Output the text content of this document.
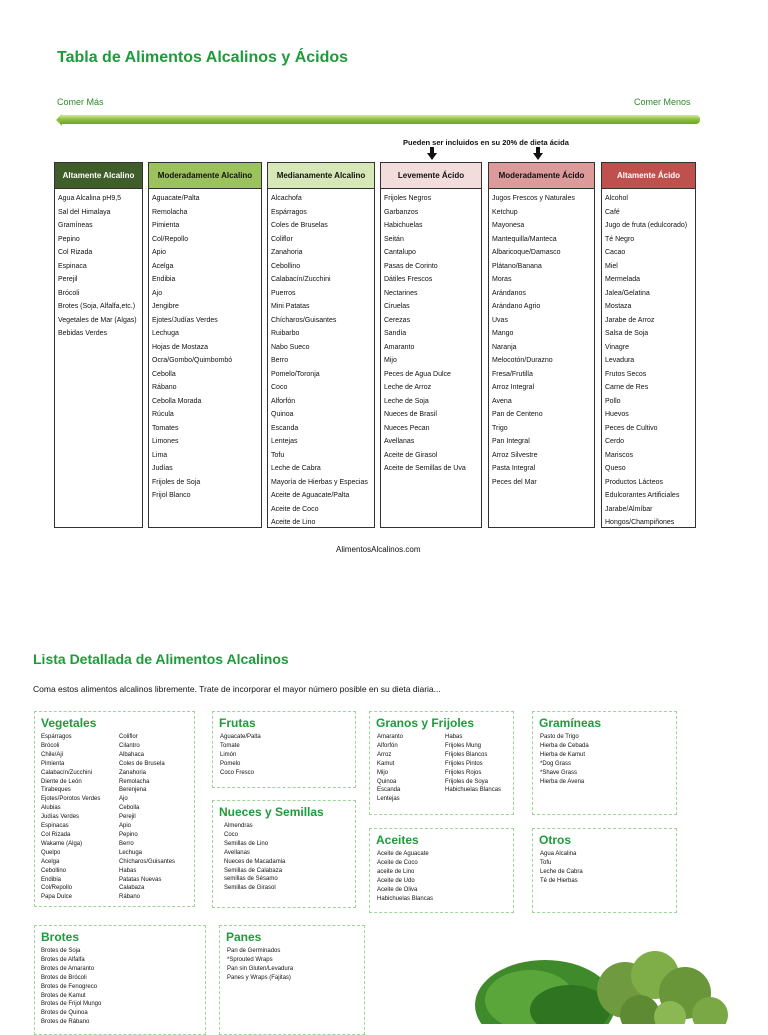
Tabla de Alimentos Alcalinos y Ácidos
Comer Más	Comer Menos
Pueden ser incluidos en su 20% de dieta ácida
Altamente Alcalino
Agua Alcalina pH9,5
Sal del Himalaya
Gramíneas
Pepino
Col Rizada
Espinaca
Perejil
Brócoli
Brotes (Soja, Alfalfa,etc.)
Vegetales de Mar (Algas)
Bebidas Verdes
Moderadamente Alcalino
Aguacate/Palta
Remolacha
Pimienta
Col/Repollo
Apio
Acelga
Endibia
Ajo
Jengibre
Ejotes/Judías Verdes
Lechuga
Hojas de Mostaza
Ocra/Gombo/Quimbombó
Cebolla
Rábano
Cebolla Morada
Rúcula
Tomates
Limones
Lima
Judías
Frijoles de Soja
Frijol Blanco
Medianamente Alcalino
Alcachofa
Espárragos
Coles de Bruselas
Coliflor
Zanahoria
Cebollino
Calabacín/Zucchini
Puerros
Mini Patatas
Chícharos/Guisantes
Ruibarbo
Nabo Sueco
Berro
Pomelo/Toronja
Coco
Alforfón
Quinoa
Escanda
Lentejas
Tofu
Leche de Cabra
Mayoría de Hierbas y Especias
Aceite de Aguacate/Palta
Aceite de Coco
Aceite de Lino
Levemente Ácido
Frijoles Negros
Garbanzos
Habichuelas
Seitán
Cantalupo
Pasas de Corinto
Dátiles Frescos
Nectarines
Ciruelas
Cerezas
Sandía
Amaranto
Mijo
Peces de Agua Dulce
Leche de Arroz
Leche de Soja
Nueces de Brasil
Nueces Pecan
Avellanas
Aceite de Girasol
Aceite de Semillas de Uva
Moderadamente Ácido
Jugos Frescos y Naturales
Ketchup
Mayonesa
Mantequilla/Manteca
Albaricoque/Damasco
Plátano/Banana
Moras
Arándanos
Arándano Agrio
Uvas
Mango
Naranja
Melocotón/Durazno
Fresa/Frutilla
Arroz Integral
Avena
Pan de Centeno
Trigo
Pan Integral
Arroz Silvestre
Pasta Integral
Peces del Mar
Altamente Ácido
Alcohol
Café
Jugo de fruta (edulcorado)
Té Negro
Cacao
Miel
Mermelada
Jalea/Gelatina
Mostaza
Jarabe de Arroz
Salsa de Soja
Vinagre
Levadura
Frutos Secos
Carne de Res
Pollo
Huevos
Peces de Cultivo
Cerdo
Mariscos
Queso
Productos Lácteos
Edulcorantes Artificiales
Jarabe/Almíbar
Hongos/Champiñones
AlimentosAlcalinos.com
Lista Detallada de Alimentos Alcalinos
Coma estos alimentos alcalinos libremente. Trate de incorporar el mayor número posible en su dieta diaria...
Vegetales
Espárragos
Brócoli
Chile/Ají
Pimienta
Calabacín/Zucchini
Diente de León
Tirabeques
Ejotes/Porotos Verdes
Alubias
Judías Verdes
Espinacas
Col Rizada
Wakame (Alga)
Quelpo
Acelga
Cebollino
Endibia
Col/Repollo
Papa Dulce
Coliflor
Cilantro
Albahaca
Coles de Brusela
Zanahoria
Remolacha
Berenjena
Ajo
Cebolla
Perejil
Apio
Pepino
Berro
Lechuga
Chícharos/Guisantes
Habas
Patatas Nuevas
Calabaza
Rábano
Frutas
Aguacate/Palta
Tomate
Limón
Pomelo
Coco Fresco
Nueces y Semillas
Almendras
Coco
Semillas de Lino
Avellanas
Nueces de Macadamia
Semillas de Calabaza
semillas de Sésamo
Semillas de Girasol
Granos y Frijoles
Amaranto
Alforfón
Arroz
Kamut
Mijo
Quinoa
Escanda
Lentejas
Habas
Frijoles Mung
Frijoles Blancos
Frijoles Pintos
Frijoles Rojos
Frijoles de Soya
Habichuelas Blancas
Gramíneas
Pasto de Trigo
Hierba de Cebada
Hierba de Kamut
*Dog Grass
*Shave Grass
Hierba de Avena
Aceites
Aceite de Aguacate
Aceite de Coco
aceite de Lino
Aceite de Udo
Aceite de Oliva
Habichuelas Blancas
Otros
Agua Alcalina
Tofu
Leche de Cabra
Té de Hierbas
Brotes
Brotes de Soja
Brotes de Alfalfa
Brotes de Amaranto
Brotes de Brócoli
Brotes de Fenogreco
Brotes de Kamut
Brotes de Frijol Mungo
Brotes de Quinoa
Brotes de Rábano
Panes
Pan de Germinados
*Sprouted Wraps
Pan sin Gluten/Levadura
Panes y Wraps (Fajitas)
